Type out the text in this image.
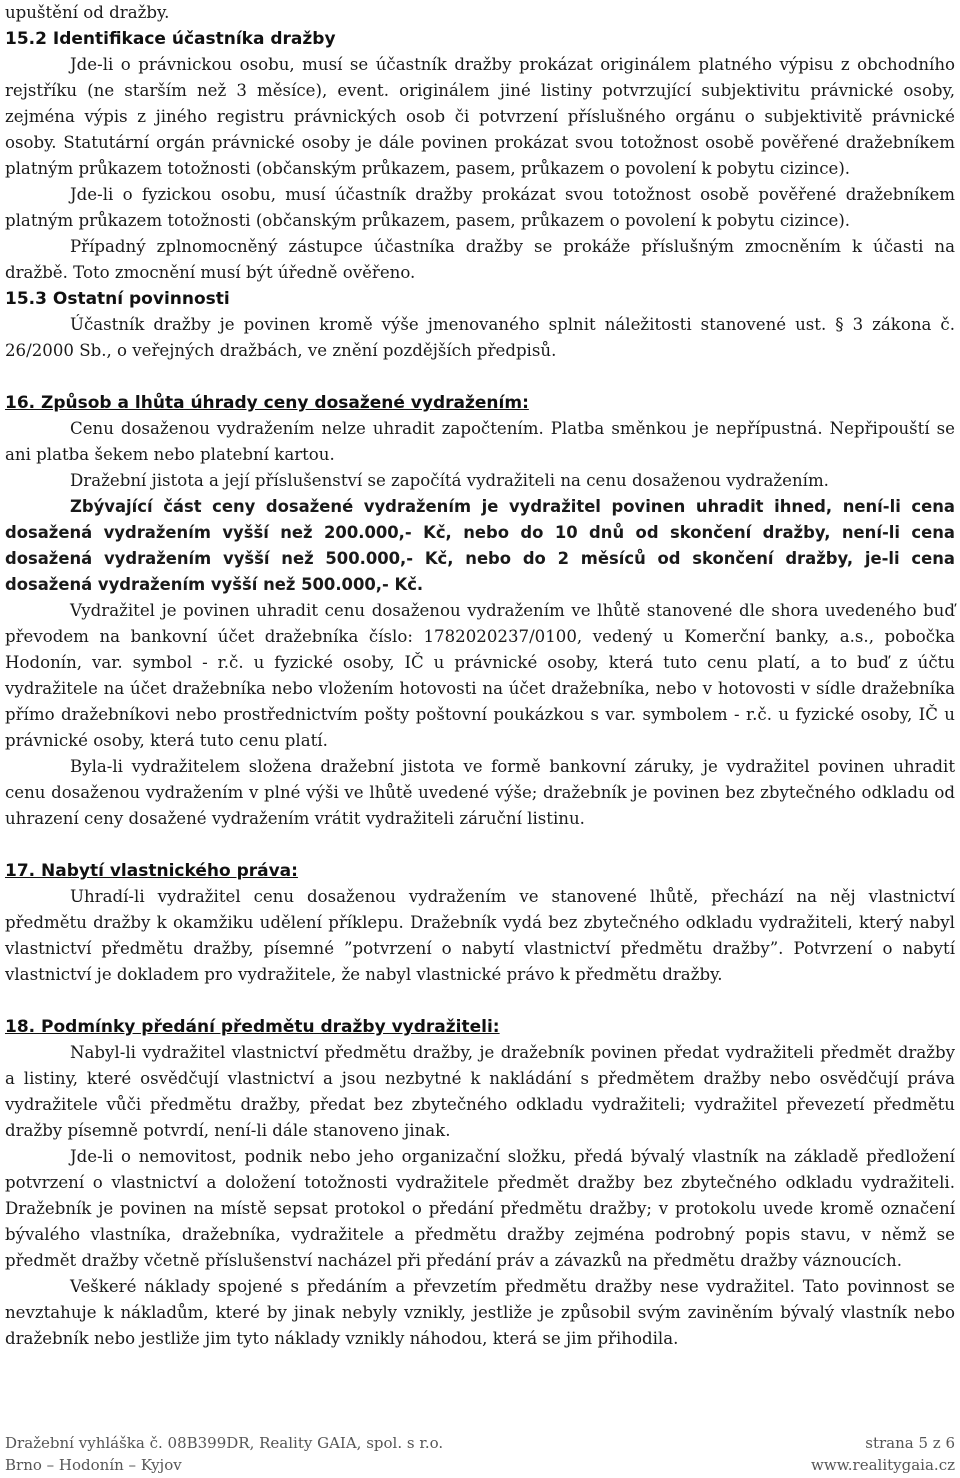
upuštění od dražby.

15.2 Identifikace účastníka dražby

Jde-li o právnickou osobu, musí se účastník dražby prokázat originálem platného výpisu z obchodního rejstříku (ne starším než 3 měsíce), event. originálem jiné listiny potvrzující subjektivitu právnické osoby, zejména výpis z jiného registru právnických osob či potvrzení příslušného orgánu o subjektivitě právnické osoby. Statutární orgán právnické osoby je dále povinen prokázat svou totožnost osobě pověřené dražebníkem platným průkazem totožnosti (občanským průkazem, pasem, průkazem o povolení k pobytu cizince).

Jde-li o fyzickou osobu, musí účastník dražby prokázat svou totožnost osobě pověřené dražebníkem platným průkazem totožnosti (občanským průkazem, pasem, průkazem o povolení k pobytu cizince).

Případný zplnomocněný zástupce účastníka dražby se prokáže příslušným zmocněním k účasti na dražbě. Toto zmocnění musí být úředně ověřeno.

15.3 Ostatní povinnosti

Účastník dražby je povinen kromě výše jmenovaného splnit náležitosti stanovené ust. § 3 zákona č. 26/2000 Sb., o veřejných dražbách, ve znění pozdějších předpisů.

16. Způsob a lhůta úhrady ceny dosažené vydražením:

Cenu dosaženou vydražením nelze uhradit započtením. Platba směnkou je nepřípustná. Nepřipouští se ani platba šekem nebo platební kartou.

Dražební jistota a její příslušenství se započítá vydražiteli na cenu dosaženou vydražením.

Zbývající část ceny dosažené vydražením je vydražitel povinen uhradit ihned, není-li cena dosažená vydražením vyšší než 200.000,- Kč, nebo do 10 dnů od skončení dražby, není-li cena dosažená vydražením vyšší než 500.000,- Kč, nebo do 2 měsíců od skončení dražby, je-li cena dosažená vydražením vyšší než 500.000,- Kč.

Vydražitel je povinen uhradit cenu dosaženou vydražením ve lhůtě stanovené dle shora uvedeného buď převodem na bankovní účet dražebníka číslo: 1782020237/0100, vedený u Komerční banky, a.s., pobočka Hodonín, var. symbol - r.č. u fyzické osoby, IČ u právnické osoby, která tuto cenu platí, a to buď z účtu vydražitele na účet dražebníka nebo vložením hotovosti na účet dražebníka, nebo v hotovosti v sídle dražebníka přímo dražebníkovi nebo prostřednictvím pošty poštovní poukázkou s var. symbolem - r.č. u fyzické osoby, IČ u právnické osoby, která tuto cenu platí.

Byla-li vydražitelem složena dražební jistota ve formě bankovní záruky, je vydražitel povinen uhradit cenu dosaženou vydražením v plné výši ve lhůtě uvedené výše; dražebník je povinen bez zbytečného odkladu od uhrazení ceny dosažené vydražením vrátit vydražiteli záruční listinu.

17. Nabytí vlastnického práva:

Uhradí-li vydražitel cenu dosaženou vydražením ve stanovené lhůtě, přechází na něj vlastnictví předmětu dražby k okamžiku udělení příklepu. Dražebník vydá bez zbytečného odkladu vydražiteli, který nabyl vlastnictví předmětu dražby, písemné ”potvrzení o nabytí vlastnictví předmětu dražby”. Potvrzení o nabytí vlastnictví je dokladem pro vydražitele, že nabyl vlastnické právo k předmětu dražby.

18. Podmínky předání předmětu dražby vydražiteli:

Nabyl-li vydražitel vlastnictví předmětu dražby, je dražebník povinen předat vydražiteli předmět dražby a listiny, které osvědčují vlastnictví a jsou nezbytné k nakládání s předmětem dražby nebo osvědčují práva vydražitele vůči předmětu dražby, předat bez zbytečného odkladu vydražiteli; vydražitel převezetí předmětu dražby písemně potvrdí, není-li dále stanoveno jinak.

Jde-li o nemovitost, podnik nebo jeho organizační složku, předá bývalý vlastník na základě předložení potvrzení o vlastnictví a doložení totožnosti vydražitele předmět dražby bez zbytečného odkladu vydražiteli. Dražebník je povinen na místě sepsat protokol o předání předmětu dražby; v protokolu uvede kromě označení bývalého vlastníka, dražebníka, vydražitele a předmětu dražby zejména podrobný popis stavu, v němž se předmět dražby včetně příslušenství nacházel při předání práv a závazků na předmětu dražby váznoucích.

Veškeré náklady spojené s předáním a převzetím předmětu dražby nese vydražitel. Tato povinnost se nevztahuje k nákladům, které by jinak nebyly vznikly, jestliže je způsobil svým zaviněním bývalý vlastník nebo dražebník nebo jestliže jim tyto náklady vznikly náhodou, která se jim přihodila.

Dražební vyhláška č. 08B399DR, Reality GAIA, spol. s r.o.	strana 5 z 6
Brno – Hodonín – Kyjov	www.realitygaia.cz
